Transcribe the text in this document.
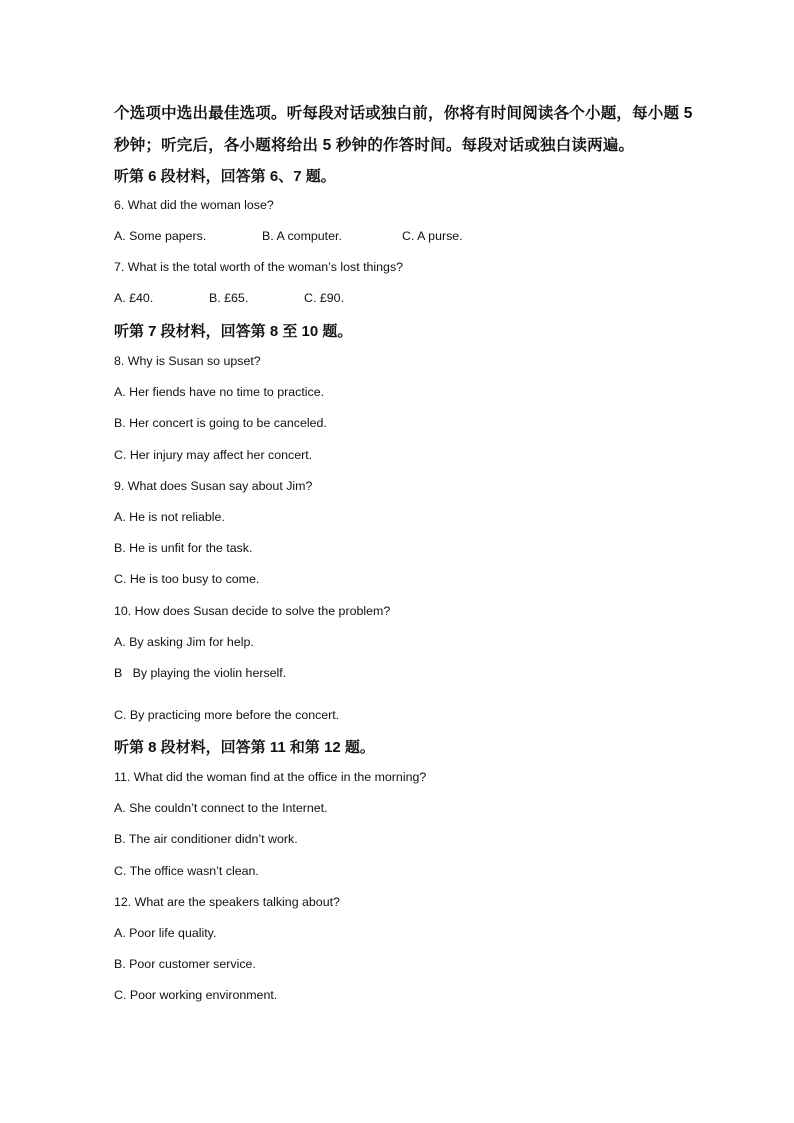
个选项中选出最佳选项。听每段对话或独白前，你将有时间阅读各个小题，每小题 5
秒钟；听完后，各小题将给出 5 秒钟的作答时间。每段对话或独白读两遍。
听第 6 段材料，回答第 6、7 题。
6. What did the woman lose?
A. Some papers.	B. A computer.	C. A purse.
7. What is the total worth of the woman’s lost things?
A. £40.	B. £65.	C. £90.
听第 7 段材料，回答第 8 至 10 题。
8. Why is Susan so upset?
A. Her fiends have no time to practice.
B. Her concert is going to be canceled.
C. Her injury may affect her concert.
9. What does Susan say about Jim?
A. He is not reliable.
B. He is unfit for the task.
C. He is too busy to come.
10. How does Susan decide to solve the problem?
A. By asking Jim for help.
B   By playing the violin herself.
C. By practicing more before the concert.
听第 8 段材料，回答第 11 和第 12 题。
11. What did the woman find at the office in the morning?
A. She couldn’t connect to the Internet.
B. The air conditioner didn’t work.
C. The office wasn’t clean.
12. What are the speakers talking about?
A. Poor life quality.
B. Poor customer service.
C. Poor working environment.
